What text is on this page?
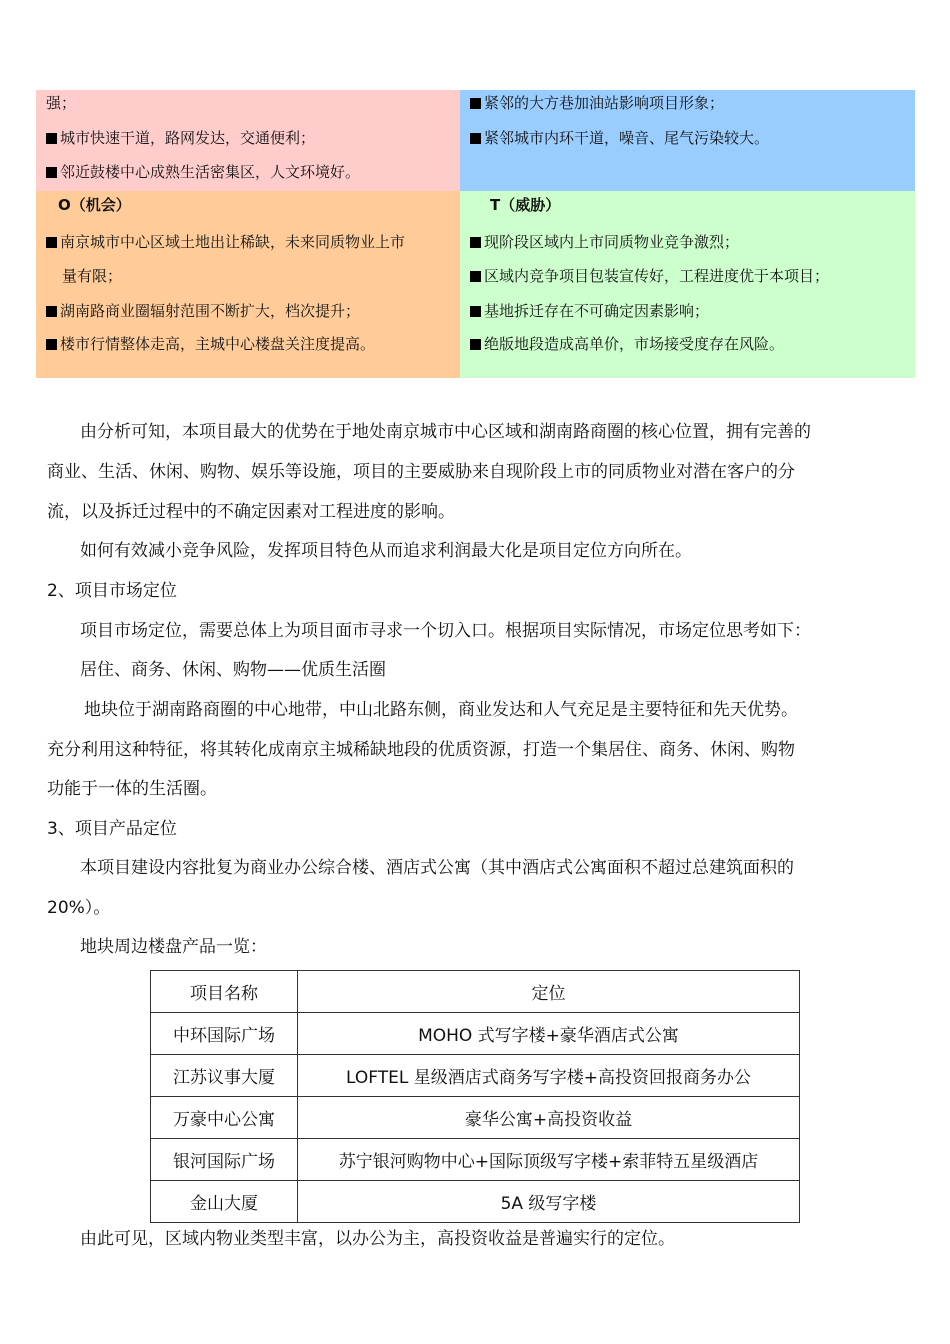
强；
城市快速干道，路网发达，交通便利；
邻近鼓楼中心成熟生活密集区，人文环境好。
紧邻的大方巷加油站影响项目形象；
紧邻城市内环干道，噪音、尾气污染较大。
O（机会）
南京城市中心区域土地出让稀缺，未来同质物业上市
量有限；
湖南路商业圈辐射范围不断扩大，档次提升；
楼市行情整体走高，主城中心楼盘关注度提高。
T（威胁）
现阶段区域内上市同质物业竞争激烈；
区域内竞争项目包装宣传好，工程进度优于本项目；
基地拆迁存在不可确定因素影响；
绝版地段造成高单价，市场接受度存在风险。
由分析可知，本项目最大的优势在于地处南京城市中心区域和湖南路商圈的核心位置，拥有完善的
商业、生活、休闲、购物、娱乐等设施，项目的主要威胁来自现阶段上市的同质物业对潜在客户的分
流，以及拆迁过程中的不确定因素对工程进度的影响。
如何有效减小竞争风险，发挥项目特色从而追求利润最大化是项目定位方向所在。
2、项目市场定位
项目市场定位，需要总体上为项目面市寻求一个切入口。根据项目实际情况，市场定位思考如下：
居住、商务、休闲、购物——优质生活圈
地块位于湖南路商圈的中心地带，中山北路东侧，商业发达和人气充足是主要特征和先天优势。
充分利用这种特征，将其转化成南京主城稀缺地段的优质资源，打造一个集居住、商务、休闲、购物
功能于一体的生活圈。
3、项目产品定位
本项目建设内容批复为商业办公综合楼、酒店式公寓（其中酒店式公寓面积不超过总建筑面积的
20%）。
地块周边楼盘产品一览：
项目名称	定位
中环国际广场	MOHO 式写字楼+豪华酒店式公寓
江苏议事大厦	LOFTEL 星级酒店式商务写字楼+高投资回报商务办公
万豪中心公寓	豪华公寓+高投资收益
银河国际广场	苏宁银河购物中心+国际顶级写字楼+索菲特五星级酒店
金山大厦	5A 级写字楼
由此可见，区域内物业类型丰富，以办公为主，高投资收益是普遍实行的定位。
